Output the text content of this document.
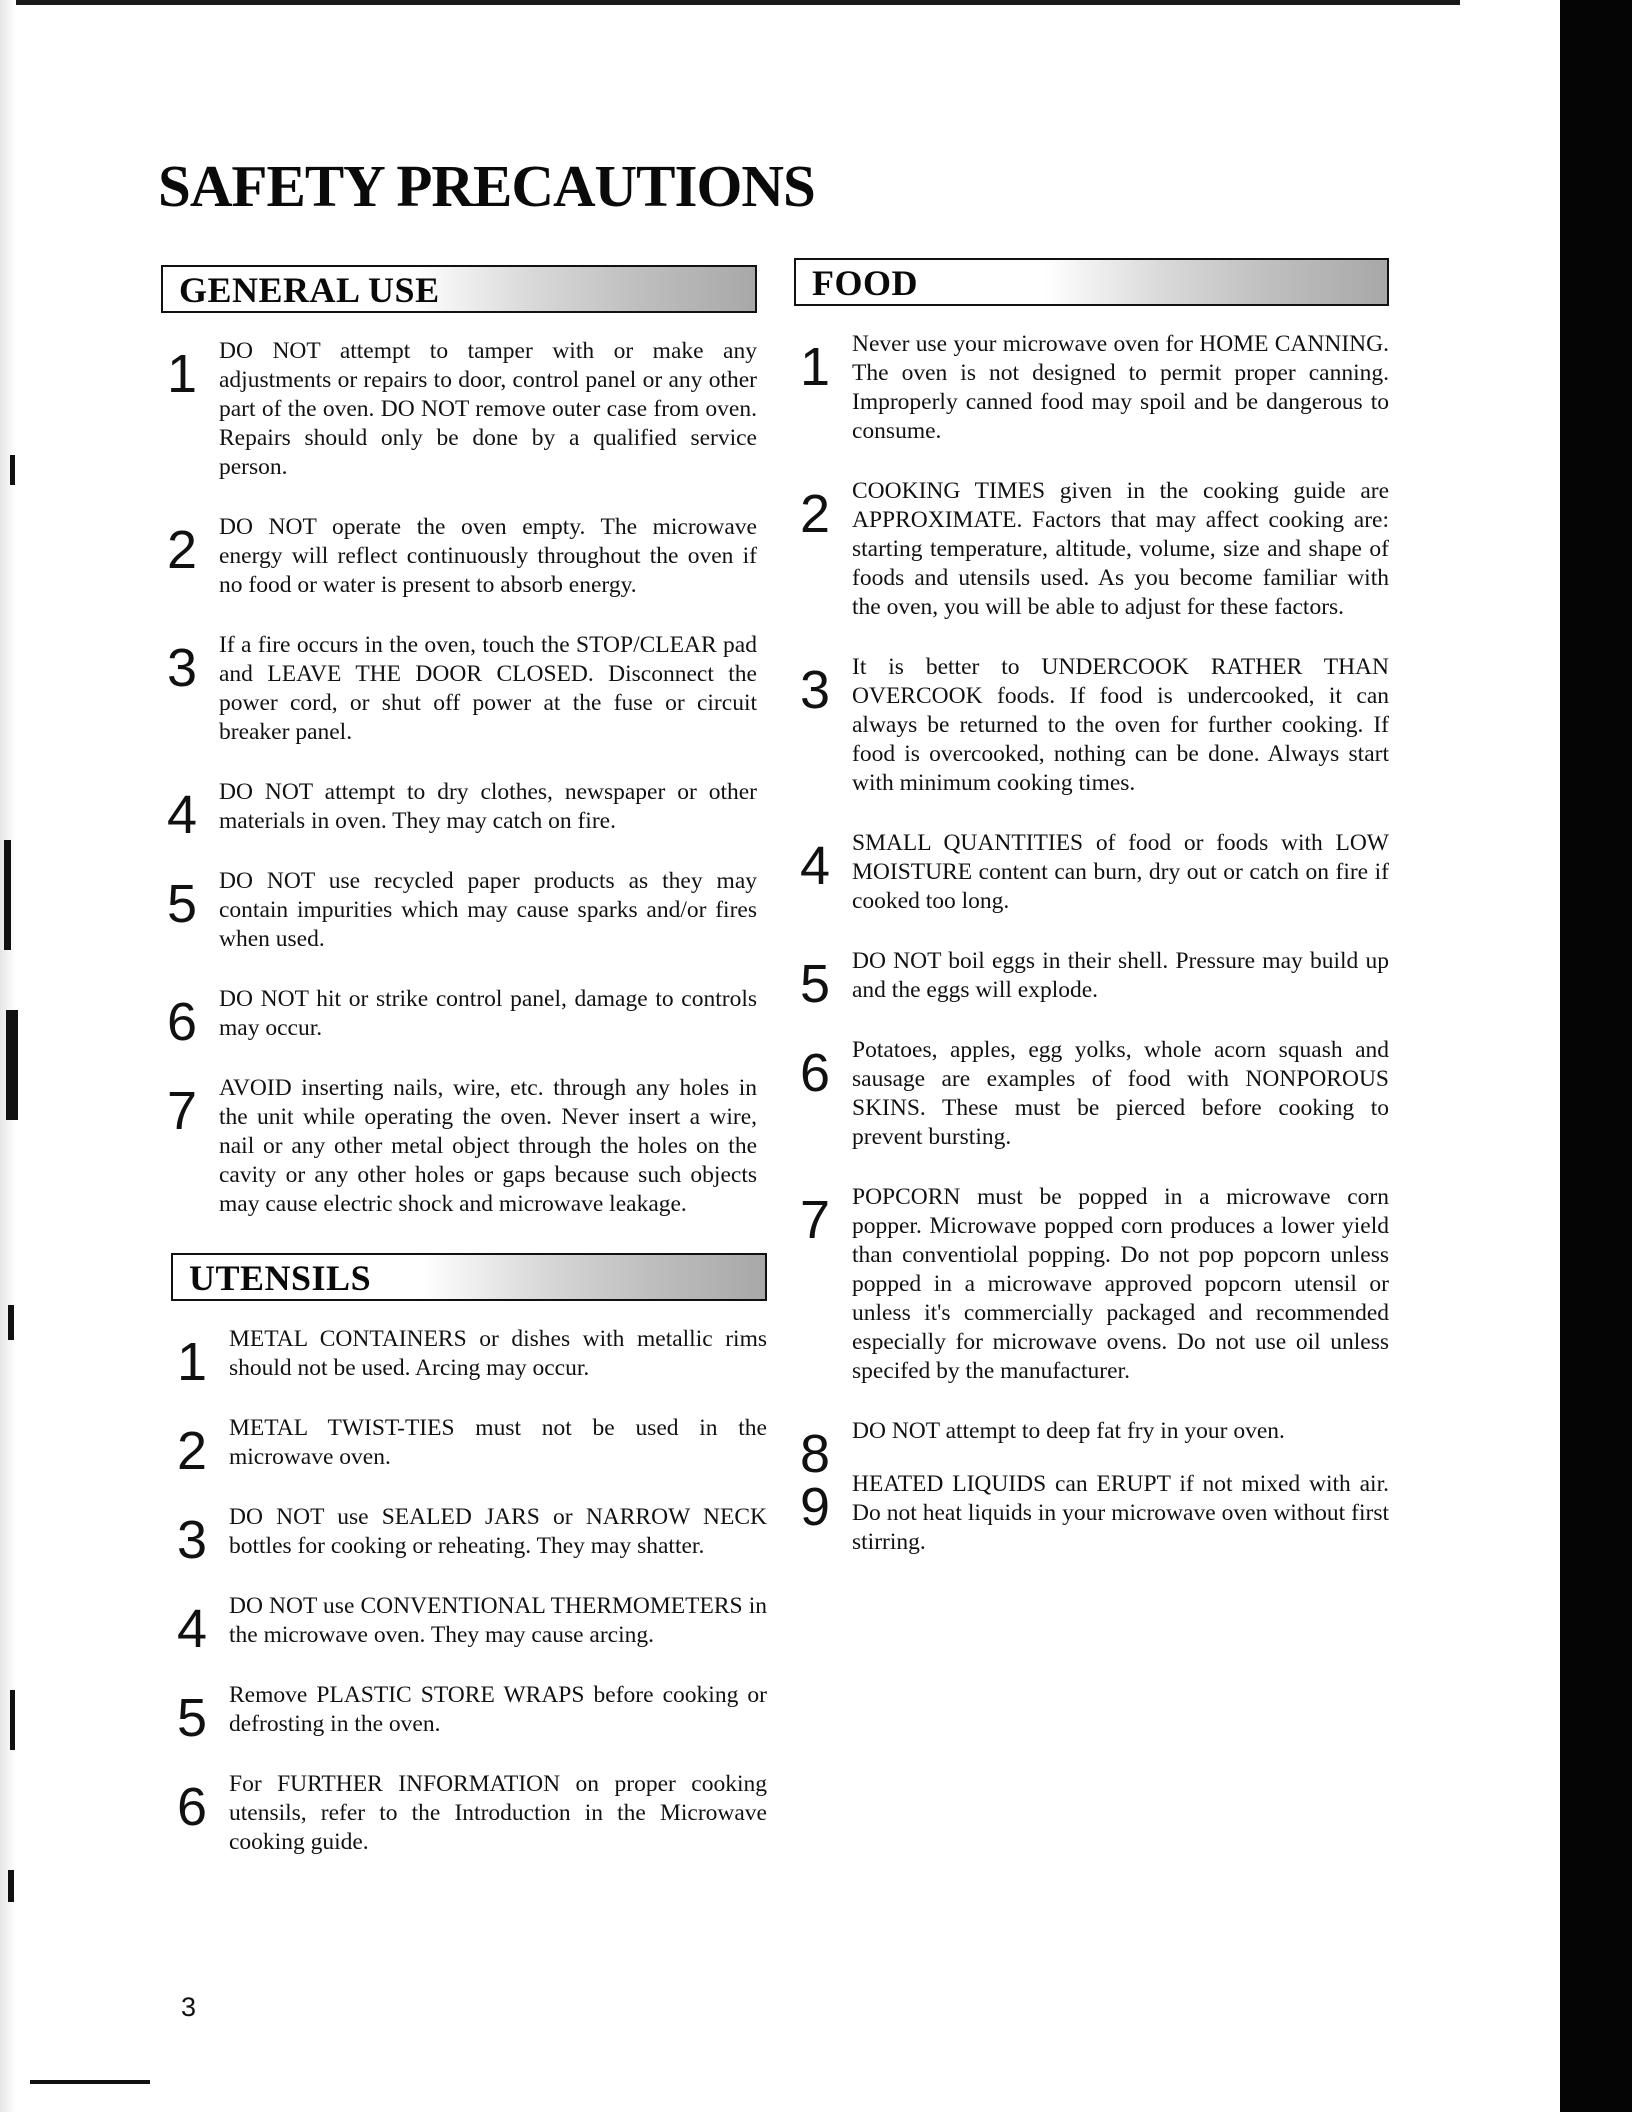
SAFETY PRECAUTIONS
GENERAL USE
1 DO NOT attempt to tamper with or make any adjustments or repairs to door, control panel or any other part of the oven. DO NOT remove outer case from oven. Repairs should only be done by a qualified service person.
2 DO NOT operate the oven empty. The microwave energy will reflect continuously throughout the oven if no food or water is present to absorb energy.
3 If a fire occurs in the oven, touch the STOP/CLEAR pad and LEAVE THE DOOR CLOSED. Disconnect the power cord, or shut off power at the fuse or circuit breaker panel.
4 DO NOT attempt to dry clothes, newspaper or other materials in oven. They may catch on fire.
5 DO NOT use recycled paper products as they may contain impurities which may cause sparks and/or fires when used.
6 DO NOT hit or strike control panel, damage to controls may occur.
7 AVOID inserting nails, wire, etc. through any holes in the unit while operating the oven. Never insert a wire, nail or any other metal object through the holes on the cavity or any other holes or gaps because such objects may cause electric shock and microwave leakage.
UTENSILS
1 METAL CONTAINERS or dishes with metallic rims should not be used. Arcing may occur.
2 METAL TWIST-TIES must not be used in the microwave oven.
3 DO NOT use SEALED JARS or NARROW NECK bottles for cooking or reheating. They may shatter.
4 DO NOT use CONVENTIONAL THERMOMETERS in the microwave oven. They may cause arcing.
5 Remove PLASTIC STORE WRAPS before cooking or defrosting in the oven.
6 For FURTHER INFORMATION on proper cooking utensils, refer to the Introduction in the Microwave cooking guide.
FOOD
1 Never use your microwave oven for HOME CANNING. The oven is not designed to permit proper canning. Improperly canned food may spoil and be dangerous to consume.
2 COOKING TIMES given in the cooking guide are APPROXIMATE. Factors that may affect cooking are: starting temperature, altitude, volume, size and shape of foods and utensils used. As you become familiar with the oven, you will be able to adjust for these factors.
3 It is better to UNDERCOOK RATHER THAN OVERCOOK foods. If food is undercooked, it can always be returned to the oven for further cooking. If food is overcooked, nothing can be done. Always start with minimum cooking times.
4 SMALL QUANTITIES of food or foods with LOW MOISTURE content can burn, dry out or catch on fire if cooked too long.
5 DO NOT boil eggs in their shell. Pressure may build up and the eggs will explode.
6 Potatoes, apples, egg yolks, whole acorn squash and sausage are examples of food with NONPOROUS SKINS. These must be pierced before cooking to prevent bursting.
7 POPCORN must be popped in a microwave corn popper. Microwave popped corn produces a lower yield than conventiolal popping. Do not pop popcorn unless popped in a microwave approved popcorn utensil or unless it's commercially packaged and recommended especially for microwave ovens. Do not use oil unless specifed by the manufacturer.
8 DO NOT attempt to deep fat fry in your oven.
9 HEATED LIQUIDS can ERUPT if not mixed with air. Do not heat liquids in your microwave oven without first stirring.
3
